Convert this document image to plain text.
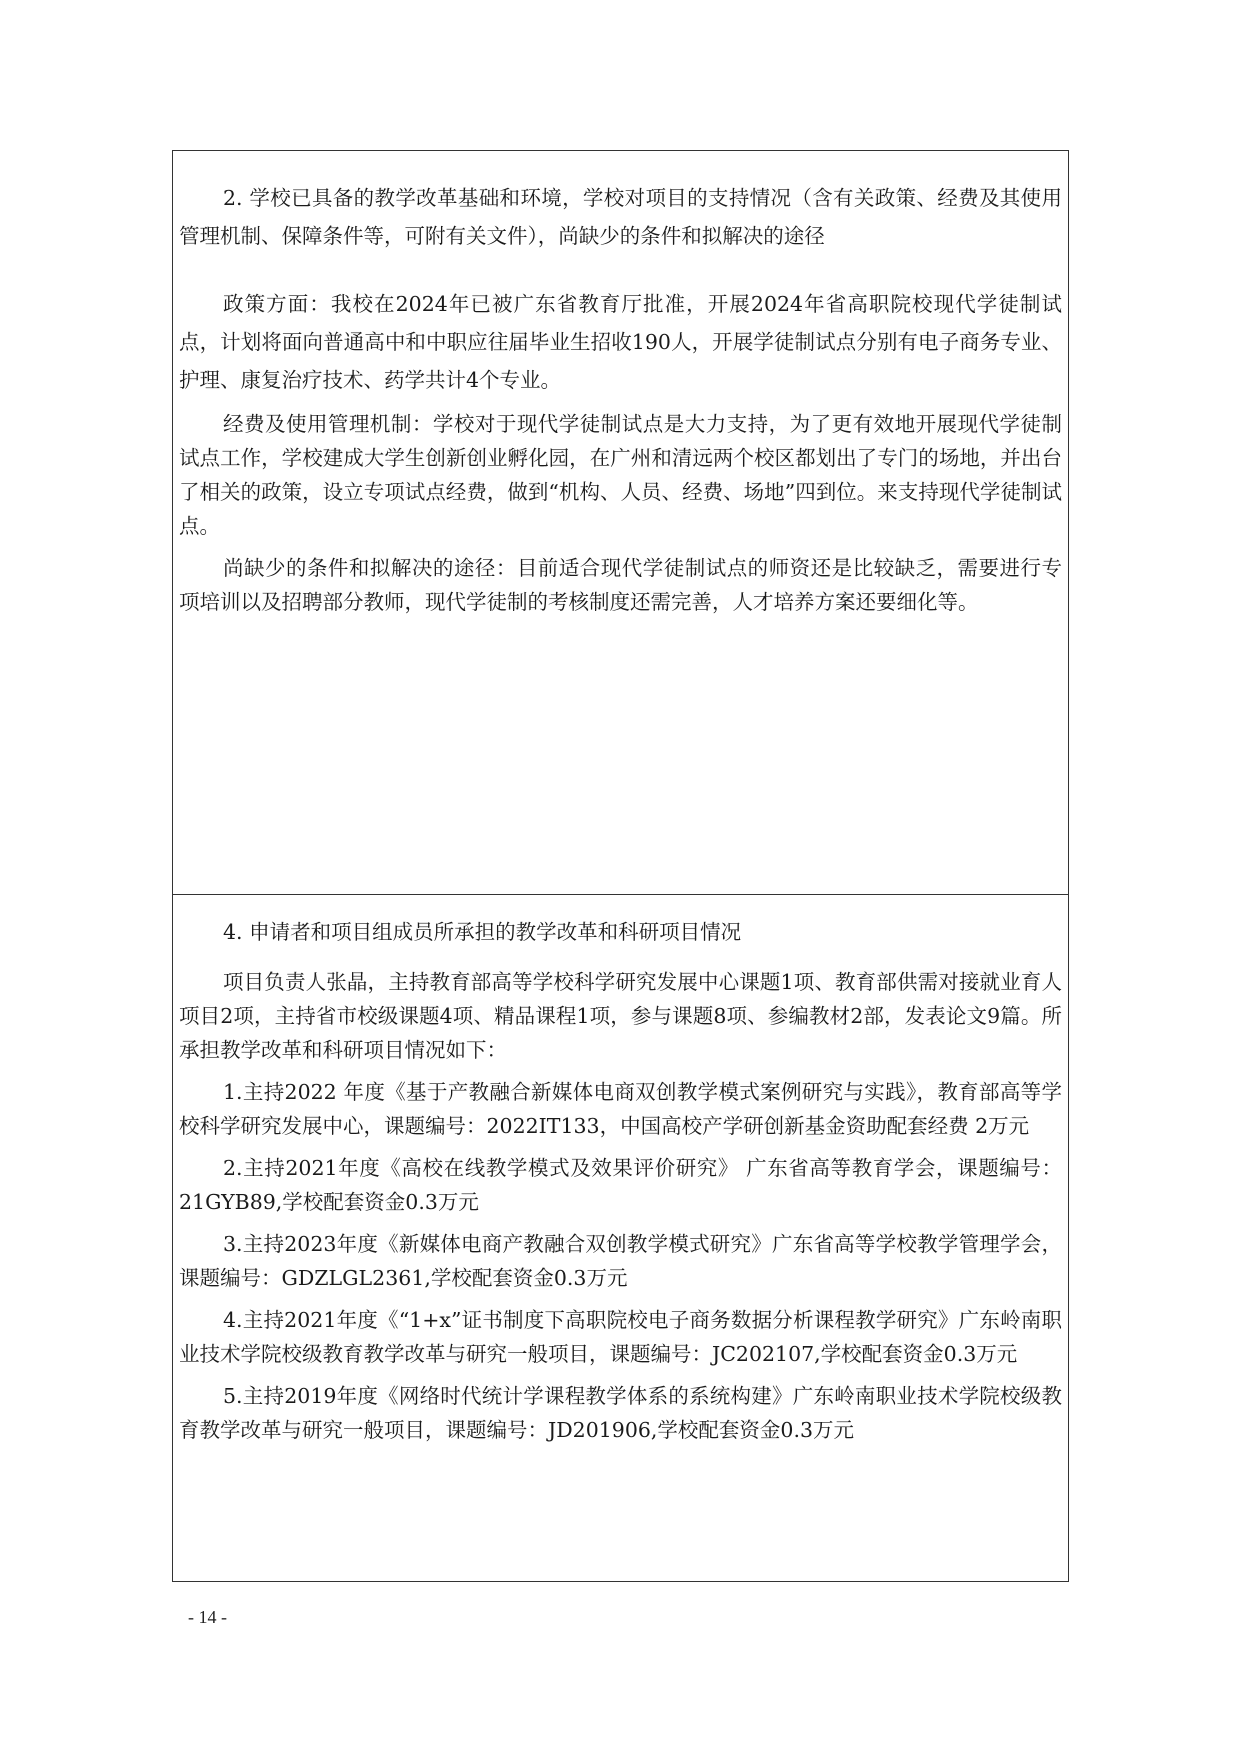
2. 学校已具备的教学改革基础和环境，学校对项目的支持情况（含有关政策、经费及其使用管理机制、保障条件等，可附有关文件），尚缺少的条件和拟解决的途径

政策方面：我校在2024年已被广东省教育厅批准，开展2024年省高职院校现代学徒制试点，计划将面向普通高中和中职应往届毕业生招收190人，开展学徒制试点分别有电子商务专业、护理、康复治疗技术、药学共计4个专业。

经费及使用管理机制：学校对于现代学徒制试点是大力支持，为了更有效地开展现代学徒制试点工作，学校建成大学生创新创业孵化园，在广州和清远两个校区都划出了专门的场地，并出台了相关的政策，设立专项试点经费，做到“机构、人员、经费、场地”四到位。来支持现代学徒制试点。

尚缺少的条件和拟解决的途径：目前适合现代学徒制试点的师资还是比较缺乏，需要进行专项培训以及招聘部分教师，现代学徒制的考核制度还需完善，人才培养方案还要细化等。

4. 申请者和项目组成员所承担的教学改革和科研项目情况

项目负责人张晶，主持教育部高等学校科学研究发展中心课题1项、教育部供需对接就业育人项目2项，主持省市校级课题4项、精品课程1项，参与课题8项、参编教材2部，发表论文9篇。所承担教学改革和科研项目情况如下：

1.主持2022 年度《基于产教融合新媒体电商双创教学模式案例研究与实践》，教育部高等学校科学研究发展中心，课题编号：2022IT133，中国高校产学研创新基金资助配套经费 2万元

2.主持2021年度《高校在线教学模式及效果评价研究》 广东省高等教育学会，课题编号：21GYB89,学校配套资金0.3万元

3.主持2023年度《新媒体电商产教融合双创教学模式研究》广东省高等学校教学管理学会，课题编号：GDZLGL2361,学校配套资金0.3万元

4.主持2021年度《“1+x”证书制度下高职院校电子商务数据分析课程教学研究》广东岭南职业技术学院校级教育教学改革与研究一般项目，课题编号：JC202107,学校配套资金0.3万元

5.主持2019年度《网络时代统计学课程教学体系的系统构建》广东岭南职业技术学院校级教育教学改革与研究一般项目，课题编号：JD201906,学校配套资金0.3万元

- 14 -
